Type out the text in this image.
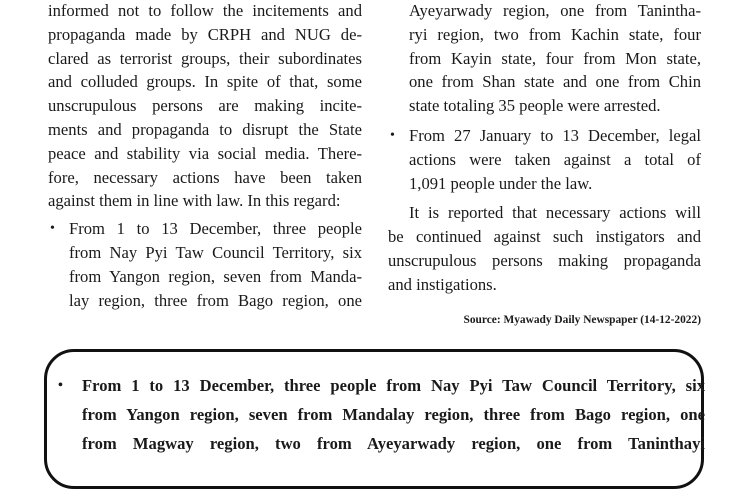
informed not to follow the incitements and
propaganda made by CRPH and NUG de-
clared as terrorist groups, their subordinates
and colluded groups. In spite of that, some
unscrupulous persons are making incite-
ments and propaganda to disrupt the State
peace and stability via social media. There-
fore, necessary actions have been taken
against them in line with law. In this regard:
• From 1 to 13 December, three people
from Nay Pyi Taw Council Territory, six
from Yangon region, seven from Manda-
lay region, three from Bago region, one
Ayeyarwady region, one from Tanintha-
ryi region, two from Kachin state, four
from Kayin state, four from Mon state,
one from Shan state and one from Chin
state totaling 35 people were arrested.
• From 27 January to 13 December, legal
actions were taken against a total of
1,091 people under the law.
It is reported that necessary actions will
be continued against such instigators and
unscrupulous persons making propaganda
and instigations.
Source: Myawady Daily Newspaper (14-12-2022)
• From 1 to 13 December, three people from Nay Pyi Taw Council Territory, six
from Yangon region, seven from Mandalay region, three from Bago region, one
from Magway region, two from Ayeyarwady region, one from Taninthayi
